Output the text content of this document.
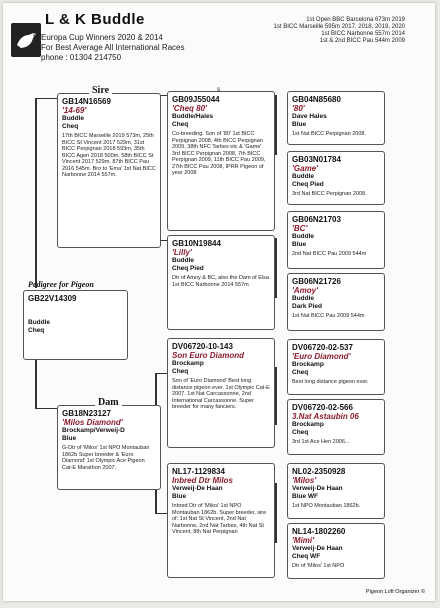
L & K Buddle
Europa Cup Winners 2020 & 2014
For Best Average All International Races
phone : 01304 214750
1st Open BBC Barcelona 673m 2019
1st BICC Marseille 595m 2017, 2018, 2019, 2020
1st BICC Narbonne 557m 2014
1st & 2nd BICC Pau 544m 2009
Pedigree for Pigeon
GB22V14309
Buddle
Cheq
GB14N16569
'14-69'
Buddle
Cheq
17th BICC Marseille 2019 573m, 25th BICC St Vincent 2017 529m, 31st BICC Perpignan 2018 593m, 35th BICC Agen 2018 500m, 58th BICC St Vincent 2017 529m, 87th BICC Pau 2016 545m. Bro to 'Ema' 1st Nat BICC Narbonne 2014 557m.
Sire
GB18N23127
'Milos Diamond'
Brockamp/Verweij-D
Blue
G-Dtr of 'Milos' 1st NPO Montauban 1862b Super breeder & 'Euro Diamond' 1st Olympic Ace Pigeon Cat-E Marathon 2007.
Dam
GB09J55044
'Cheq 80'
Buddle/Hales
Cheq
Co-breeding. Son of '80' 1st BICC Perpignan 2008, 4th BICC Perpignan 2009, 38th NFC Tarbes etc & 'Game' 3rd BICC Perpignan 2008, 7th BICC Perpignan 2009, 11th BICC Pau 2009, 27th BICC Pau 2008, IPRR Pigeon of year 2008
s
GB10N19844
'Lilly'
Buddle
Cheq Pied
Dtr of Amoy & BC, also the Dam of Elsa 1st BICC Narbonne 2014 557m
DV06720-10-143
Son Euro Diamond
Brockamp
Cheq
Son of 'Euro Diamond' Best long distance pigeon ever. 1st Olympic Cat-E 2007. 1st Nat Carcassonne, 2nd International Carcassonne. Super breeder for many fanciers.
NL17-1129834
Inbred Dtr Milos
Verweij-De Haan
Blue
Inbred Dtr of 'Milos' 1st NPO Montauban 1862b. Super breeder, sire of: 1st Nat St Vincent, 2nd Nat Narbonne, 2nd Nat Tarbes, 4th Nat St Vincent, 8th Nat Perpignan
GB04N85680
'80'
Dave Hales
Blue
1st Nat BICC Perpignan 2008.
GB03N01784
'Game'
Buddle
Cheq Pied
3rd Nat BICC Perpignan 2008.
GB06N21703
'BC'
Buddle
Blue
2nd Nat BICC Pau 2009 544m
GB06N21726
'Amoy'
Buddle
Dark Pied
1st Nat BICC Pau 2009 544m
DV06720-02-537
'Euro Diamond'
Brockamp
Cheq
Best long distance pigeon ever.
DV06720-02-566
3.Nat Astaubin 06
Brockamp
Cheq
3rd 1st Ace Hen 2006...
NL02-2350928
'Milos'
Verweij-De Haan
Blue WF
1st NPO Montauban 1862b.
NL14-1802260
'Mimi'
Verweij-De Haan
Cheq WF
Dtr of 'Milos' 1st NPO
Pigeon Loft Organizer ©
